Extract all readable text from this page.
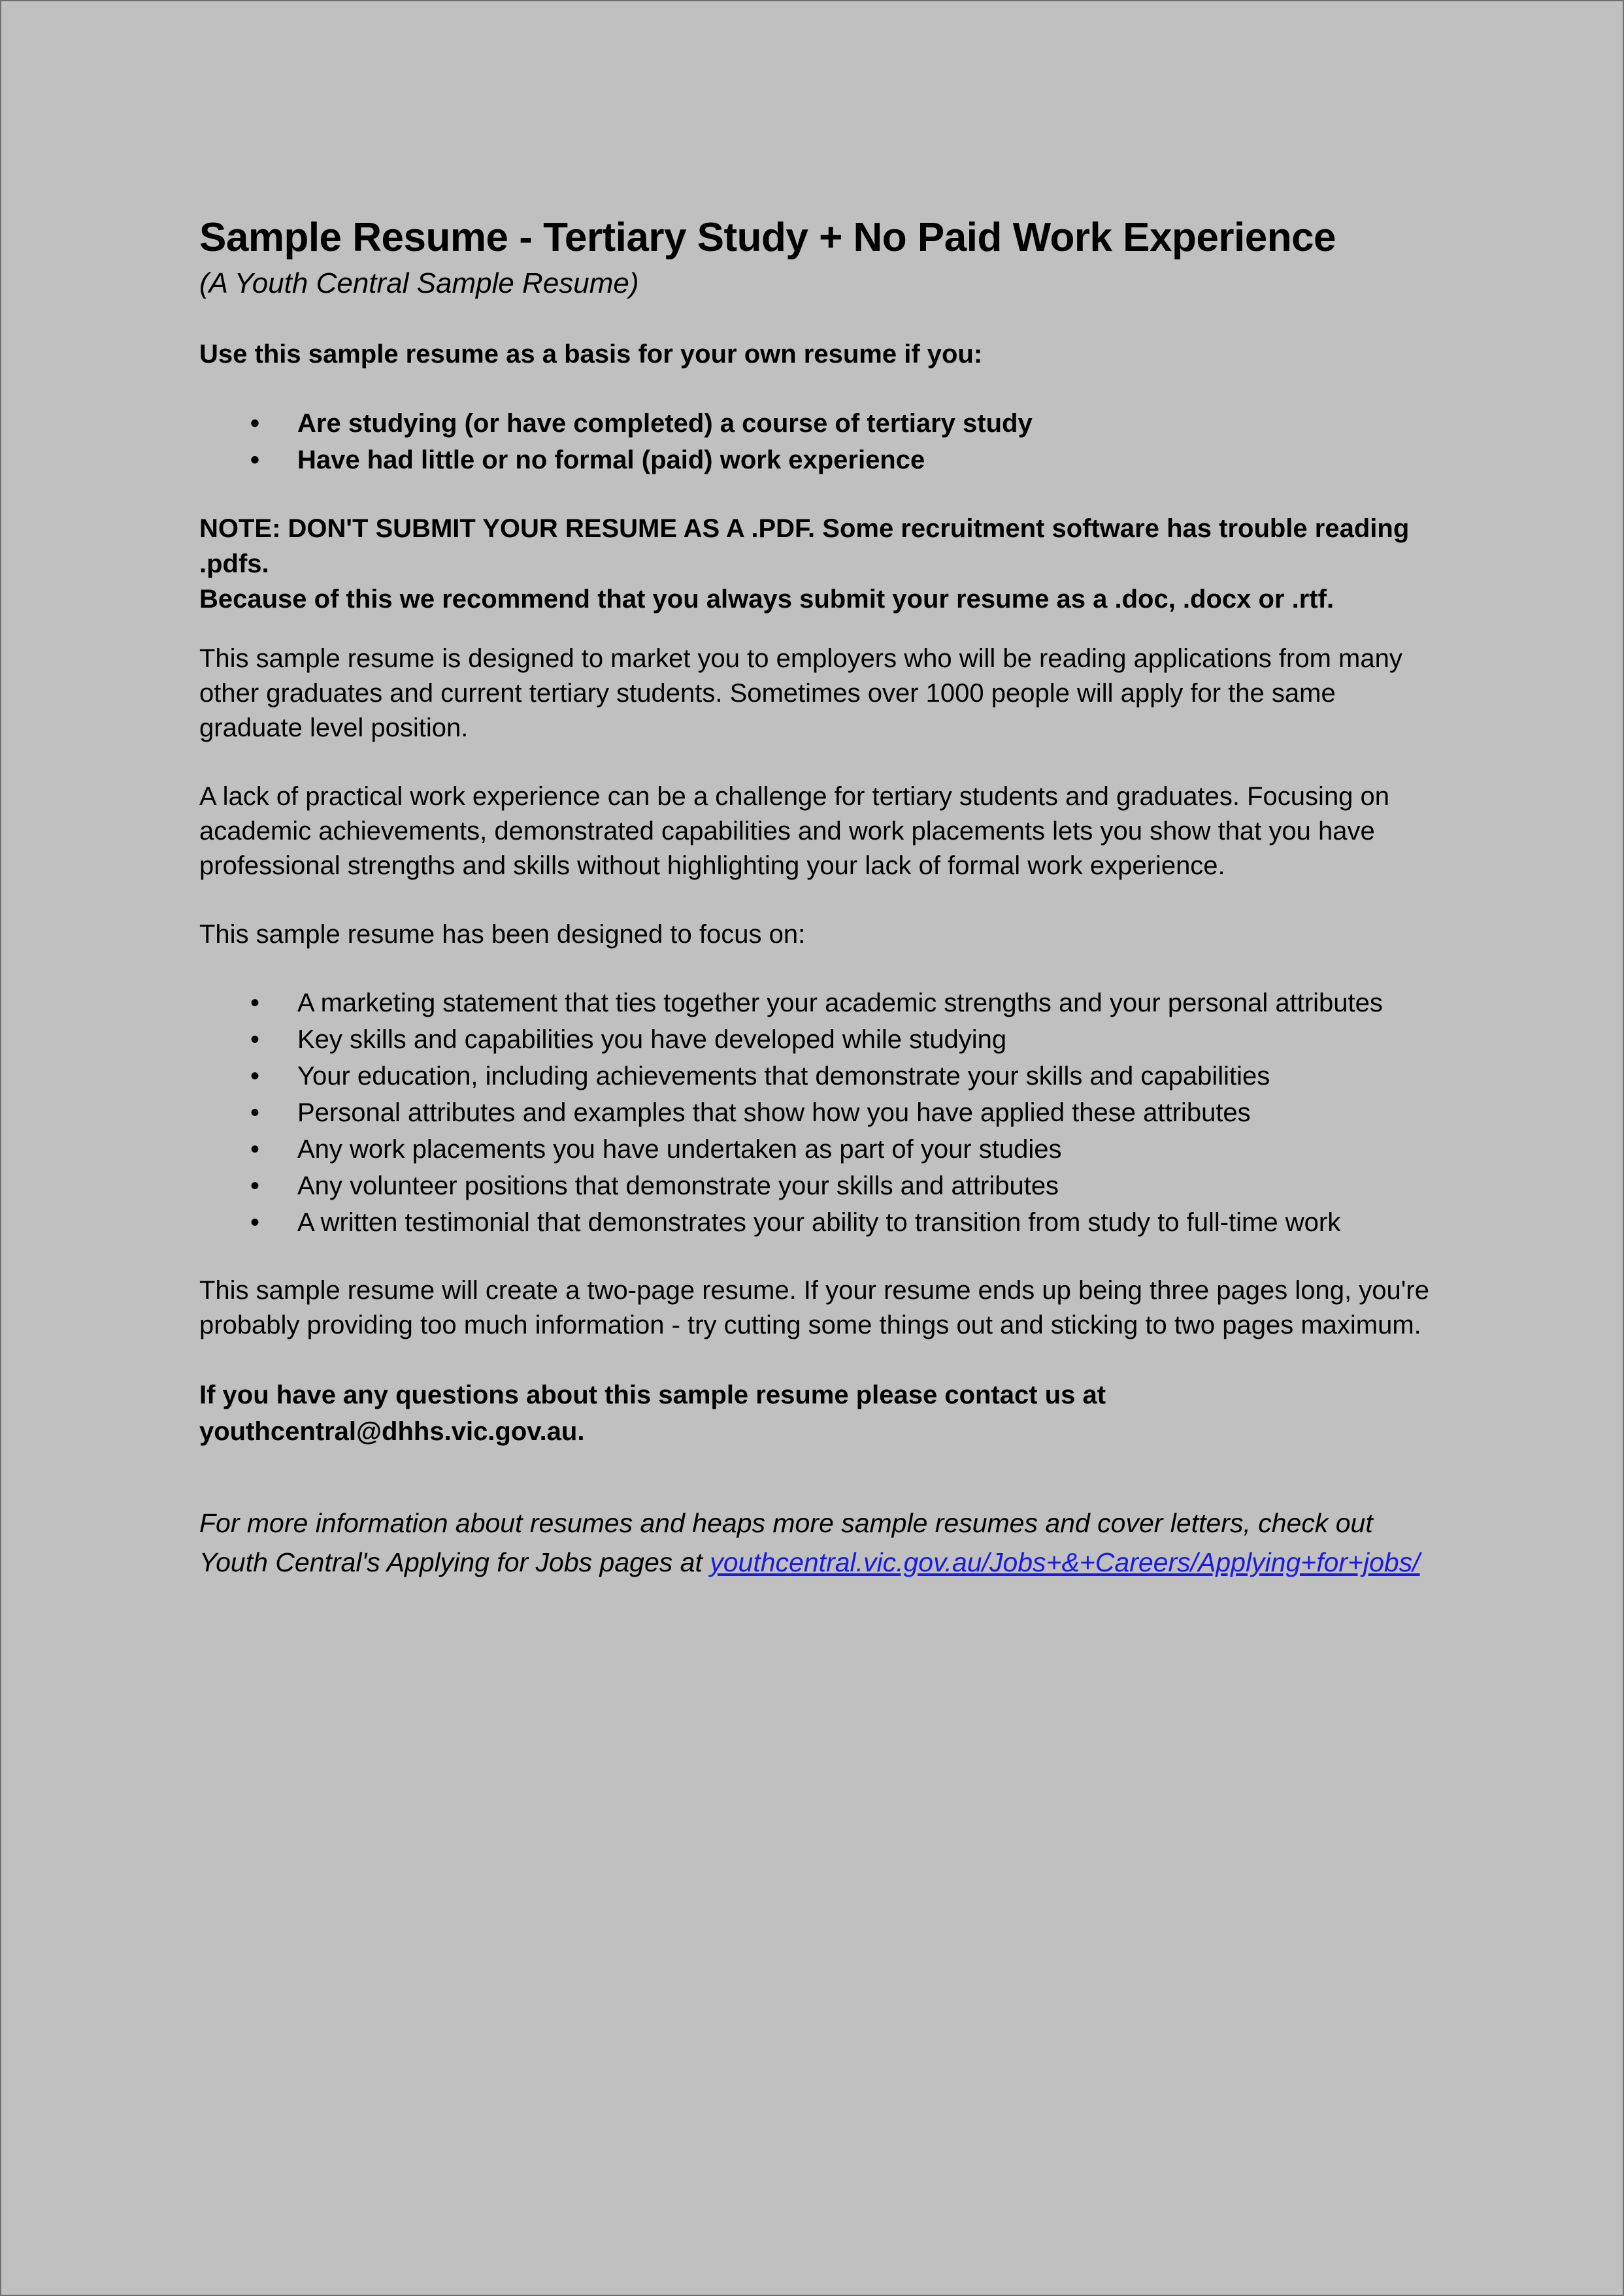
Sample Resume - Tertiary Study + No Paid Work Experience

(A Youth Central Sample Resume)

Use this sample resume as a basis for your own resume if you:

• Are studying (or have completed) a course of tertiary study
• Have had little or no formal (paid) work experience

NOTE: DON'T SUBMIT YOUR RESUME AS A .PDF. Some recruitment software has trouble reading .pdfs.
Because of this we recommend that you always submit your resume as a .doc, .docx or .rtf.

This sample resume is designed to market you to employers who will be reading applications from many other graduates and current tertiary students. Sometimes over 1000 people will apply for the same graduate level position.

A lack of practical work experience can be a challenge for tertiary students and graduates. Focusing on academic achievements, demonstrated capabilities and work placements lets you show that you have professional strengths and skills without highlighting your lack of formal work experience.

This sample resume has been designed to focus on:

• A marketing statement that ties together your academic strengths and your personal attributes
• Key skills and capabilities you have developed while studying
• Your education, including achievements that demonstrate your skills and capabilities
• Personal attributes and examples that show how you have applied these attributes
• Any work placements you have undertaken as part of your studies
• Any volunteer positions that demonstrate your skills and attributes
• A written testimonial that demonstrates your ability to transition from study to full-time work

This sample resume will create a two-page resume. If your resume ends up being three pages long, you're probably providing too much information - try cutting some things out and sticking to two pages maximum.

If you have any questions about this sample resume please contact us at youthcentral@dhhs.vic.gov.au.

For more information about resumes and heaps more sample resumes and cover letters, check out Youth Central's Applying for Jobs pages at youthcentral.vic.gov.au/Jobs+&+Careers/Applying+for+jobs/
